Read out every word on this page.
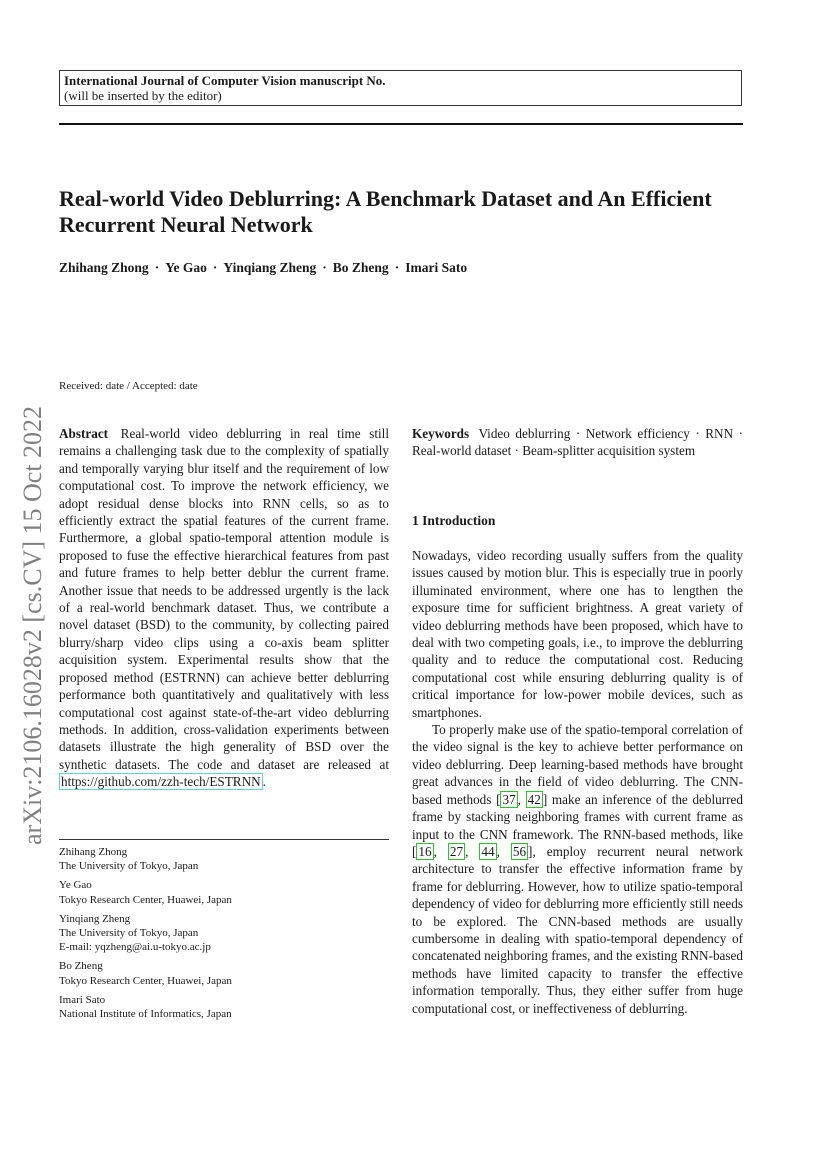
International Journal of Computer Vision manuscript No.
(will be inserted by the editor)
Real-world Video Deblurring: A Benchmark Dataset and An Efficient Recurrent Neural Network
Zhihang Zhong · Ye Gao · Yinqiang Zheng · Bo Zheng · Imari Sato
arXiv:2106.16028v2 [cs.CV] 15 Oct 2022
Received: date / Accepted: date
Abstract Real-world video deblurring in real time still remains a challenging task due to the complexity of spatially and temporally varying blur itself and the requirement of low computational cost. To improve the network efficiency, we adopt residual dense blocks into RNN cells, so as to efficiently extract the spatial features of the current frame. Furthermore, a global spatio-temporal attention module is proposed to fuse the effective hierarchical features from past and future frames to help better deblur the current frame. Another issue that needs to be addressed urgently is the lack of a real-world benchmark dataset. Thus, we contribute a novel dataset (BSD) to the community, by collecting paired blurry/sharp video clips using a co-axis beam splitter acquisition system. Experimental results show that the proposed method (ESTRNN) can achieve better deblurring performance both quantitatively and qualitatively with less computational cost against state-of-the-art video deblurring methods. In addition, cross-validation experiments between datasets illustrate the high generality of BSD over the synthetic datasets. The code and dataset are released at https://github.com/zzh-tech/ESTRNN .
Zhihang Zhong
The University of Tokyo, Japan
Ye Gao
Tokyo Research Center, Huawei, Japan
Yinqiang Zheng
The University of Tokyo, Japan
E-mail: yqzheng@ai.u-tokyo.ac.jp
Bo Zheng
Tokyo Research Center, Huawei, Japan
Imari Sato
National Institute of Informatics, Japan
Keywords Video deblurring · Network efficiency · RNN · Real-world dataset · Beam-splitter acquisition system
1 Introduction

Nowadays, video recording usually suffers from the quality issues caused by motion blur. This is especially true in poorly illuminated environment, where one has to lengthen the exposure time for sufficient brightness. A great variety of video deblurring methods have been proposed, which have to deal with two competing goals, i.e., to improve the deblurring quality and to reduce the computational cost. Reducing computational cost while ensuring deblurring quality is of critical importance for low-power mobile devices, such as smartphones.

To properly make use of the spatio-temporal correlation of the video signal is the key to achieve better performance on video deblurring. Deep learning-based methods have brought great advances in the field of video deblurring. The CNN-based methods [ 37 , 42 ] make an inference of the deblurred frame by stacking neighboring frames with current frame as input to the CNN framework. The RNN-based methods, like [ 16 , 27 , 44 , 56 ], employ recurrent neural network architecture to transfer the effective information frame by frame for deblurring. However, how to utilize spatio-temporal dependency of video for deblurring more efficiently still needs to be explored. The CNN-based methods are usually cumbersome in dealing with spatio-temporal dependency of concatenated neighboring frames, and the existing RNN-based methods have limited capacity to transfer the effective information temporally. Thus, they either suffer from huge computational cost, or ineffectiveness of deblurring.
